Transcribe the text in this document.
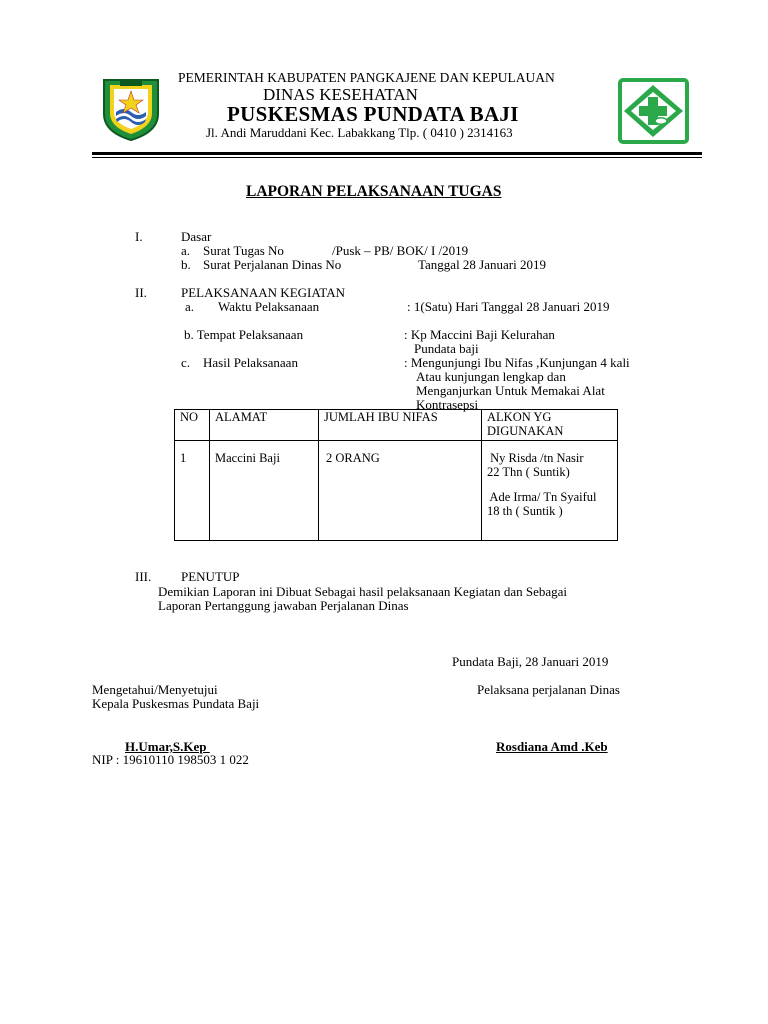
PEMERINTAH KABUPATEN PANGKAJENE DAN KEPULAUAN
DINAS KESEHATAN
PUSKESMAS PUNDATA BAJI
Jl. Andi Maruddani Kec. Labakkang Tlp. ( 0410 ) 2314163
LAPORAN PELAKSANAAN TUGAS
I.	Dasar
a. Surat Tugas No	/Pusk – PB/ BOK/ I /2019
b. Surat Perjalanan Dinas No	Tanggal 28 Januari 2019
II.	PELAKSANAAN KEGIATAN
a. Waktu Pelaksanaan	: 1(Satu) Hari Tanggal 28 Januari 2019
b. Tempat Pelaksanaan	: Kp Maccini Baji Kelurahan
Pundata baji
c. Hasil Pelaksanaan	: Mengunjungi Ibu Nifas ,Kunjungan 4 kali
Atau kunjungan lengkap dan
Menganjurkan Untuk Memakai Alat
Kontrasepsi
NO	ALAMAT	JUMLAH IBU NIFAS	ALKON YG
DIGUNAKAN

1	Maccini Baji	2 ORANG	Ny Risda /tn Nasir
22 Thn ( Suntik)
Ade Irma/ Tn Syaiful
18 th ( Suntik )
III. PENUTUP
Demikian Laporan ini Dibuat Sebagai hasil pelaksanaan Kegiatan dan Sebagai
Laporan Pertanggung jawaban Perjalanan Dinas
Pundata Baji, 28 Januari 2019
Mengetahui/Menyetujui	Pelaksana perjalanan Dinas
Kepala Puskesmas Pundata Baji
H.Umar,S.Kep	Rosdiana Amd .Keb
NIP : 19610110 198503 1 022
